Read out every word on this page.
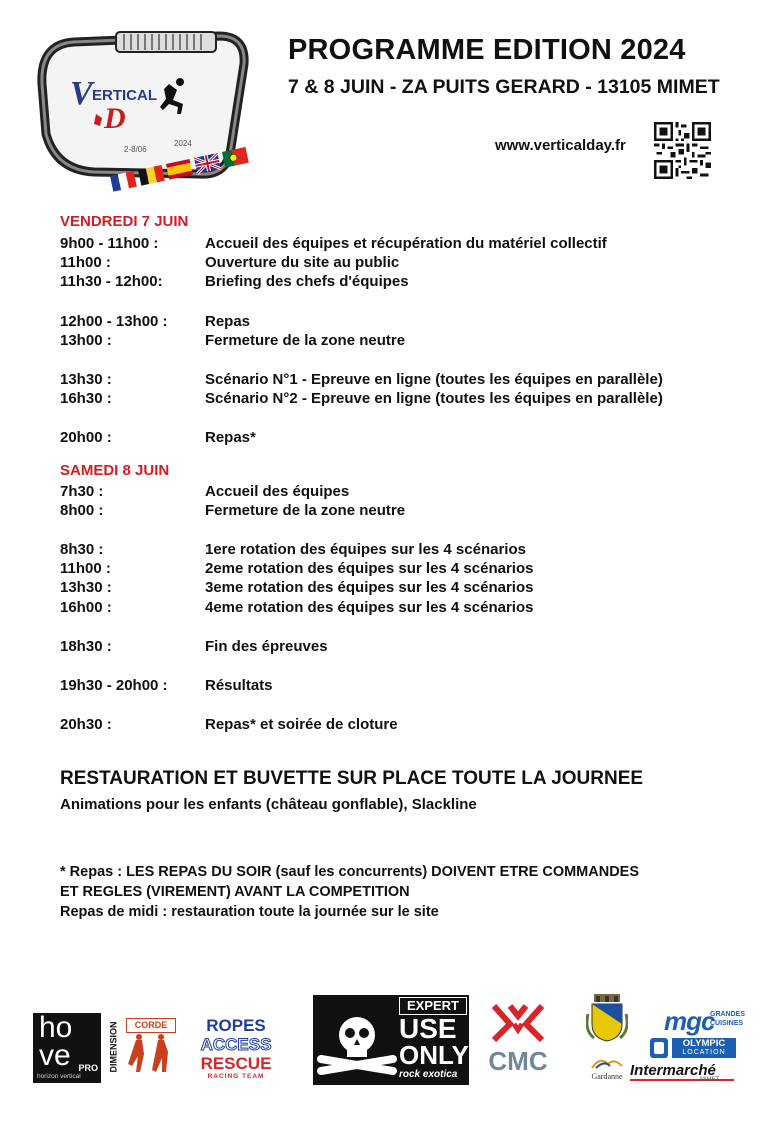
V ERTICAL
D
2-8/06
2024
PROGRAMME EDITION 2024
7 & 8 JUIN - ZA PUITS GERARD - 13105 MIMET
www.verticalday.fr
VENDREDI 7 JUIN
9h00 - 11h00 :	Accueil des équipes et récupération du matériel collectif
11h00 :	Ouverture du site au public
11h30 - 12h00:	Briefing des chefs d'équipes
12h00 - 13h00 : Repas
13h00 :	Fermeture de la zone neutre
13h30 :	Scénario N°1 - Epreuve en ligne (toutes les équipes en parallèle)
16h30 :	Scénario N°2 - Epreuve en ligne (toutes les équipes en parallèle)
20h00 :	Repas*
SAMEDI 8 JUIN
7h30 :	Accueil des équipes
8h00 :	Fermeture de la zone neutre
8h30 :	1ere rotation des équipes sur les 4 scénarios
11h00 :	2eme rotation des équipes sur les 4 scénarios
13h30 :	3eme rotation des équipes sur les 4 scénarios
16h00 :	4eme rotation des équipes sur les 4 scénarios
18h30 :	Fin des épreuves
19h30 - 20h00 : Résultats
20h30 :	Repas* et soirée de cloture
RESTAURATION ET BUVETTE SUR PLACE TOUTE LA JOURNEE
Animations pour les enfants (château gonflable), Slackline
* Repas : LES REPAS DU SOIR (sauf les concurrents) DOIVENT ETRE COMMANDES
ET REGLES (VIREMENT) AVANT LA COMPETITION
Repas de midi : restauration toute la journée sur le site
ho
ve PRO
horizon vertical
DIMENSION	CORDE	ROPES
ACCESS
RESCUE
RACING TEAM
EXPERT
USE
ONLY
rock exotica CMC
Gardanne
mgc
GRANDES
CUISINES
OLYMPIC
LOCATION
Intermarché
MIMET
